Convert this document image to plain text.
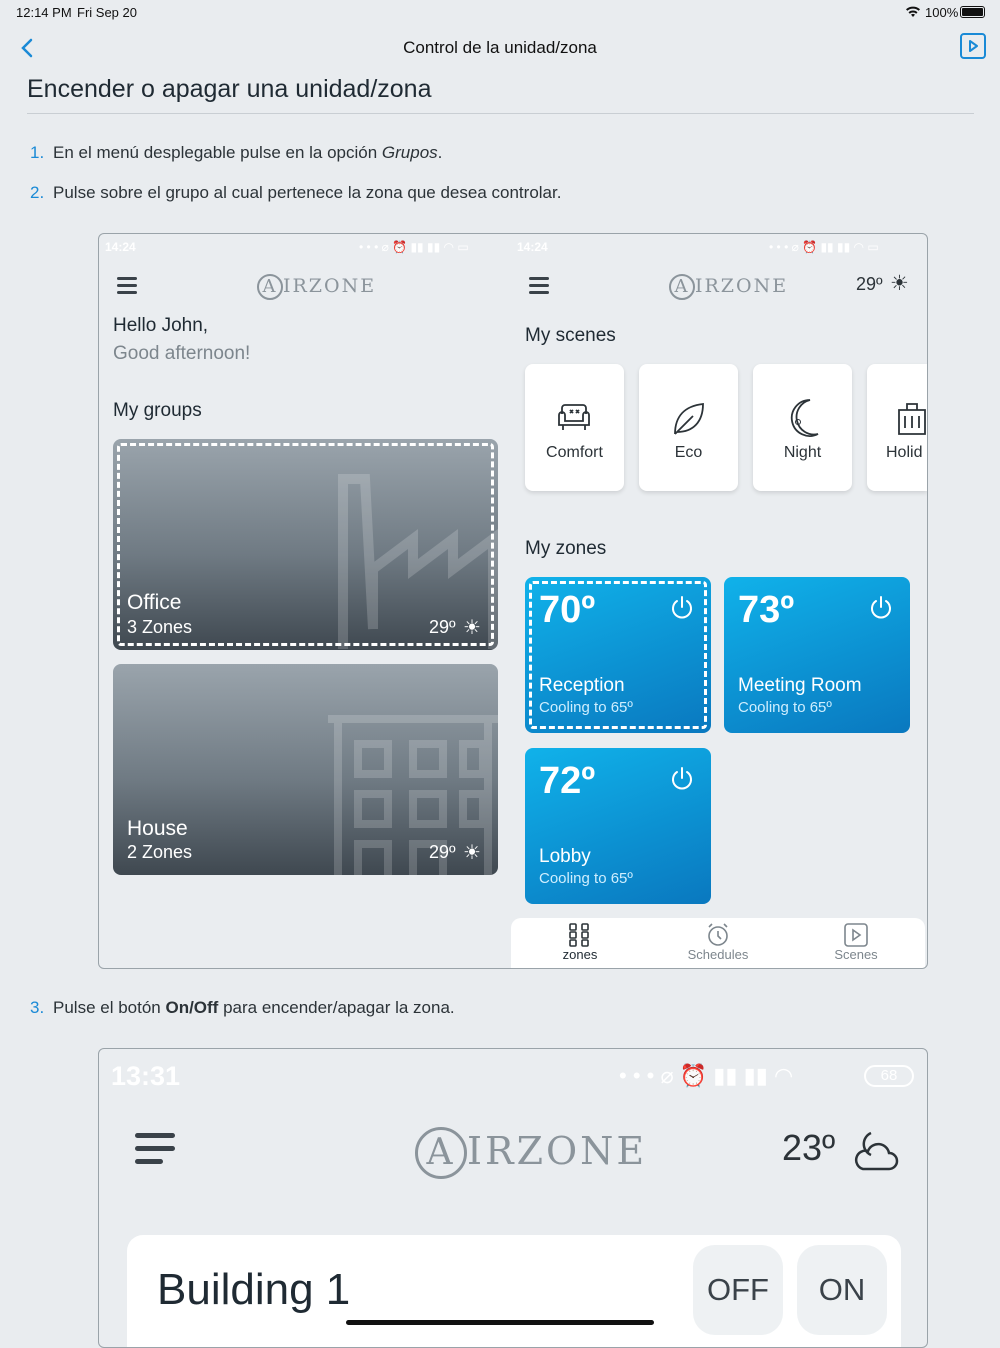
12:14 PM Fri Sep 20	100%
Control de la unidad/zona
Encender o apagar una unidad/zona
1. En el menú desplegable pulse en la opción Grupos.
2. Pulse sobre el grupo al cual pertenece la zona que desea controlar.
14:24	• • • ⌀ ⏰ ▮▮ ▮▮ ◠ ▭	14:24	• • • ⌀ ⏰ ▮▮ ▮▮ ◠ ▭
A IRZONE
Hello John,
Good afternoon!
My groups
Office
3 Zones	29º ☀
House
2 Zones	29º ☀
A IRZONE	29º ☀
My scenes
Comfort	Eco	Night	Holid
My zones
70º
Reception
Cooling to 65º
73º
Meeting Room
Cooling to 65º
72º
Lobby
Cooling to 65º
zones	Schedules	Scenes
3. Pulse el botón On/Off para encender/apagar la zona.
13:31	• • • ⌀ ⏰ ▮▮ ▮▮ ◠	68
A IRZONE	23º
Building 1	OFF	ON
